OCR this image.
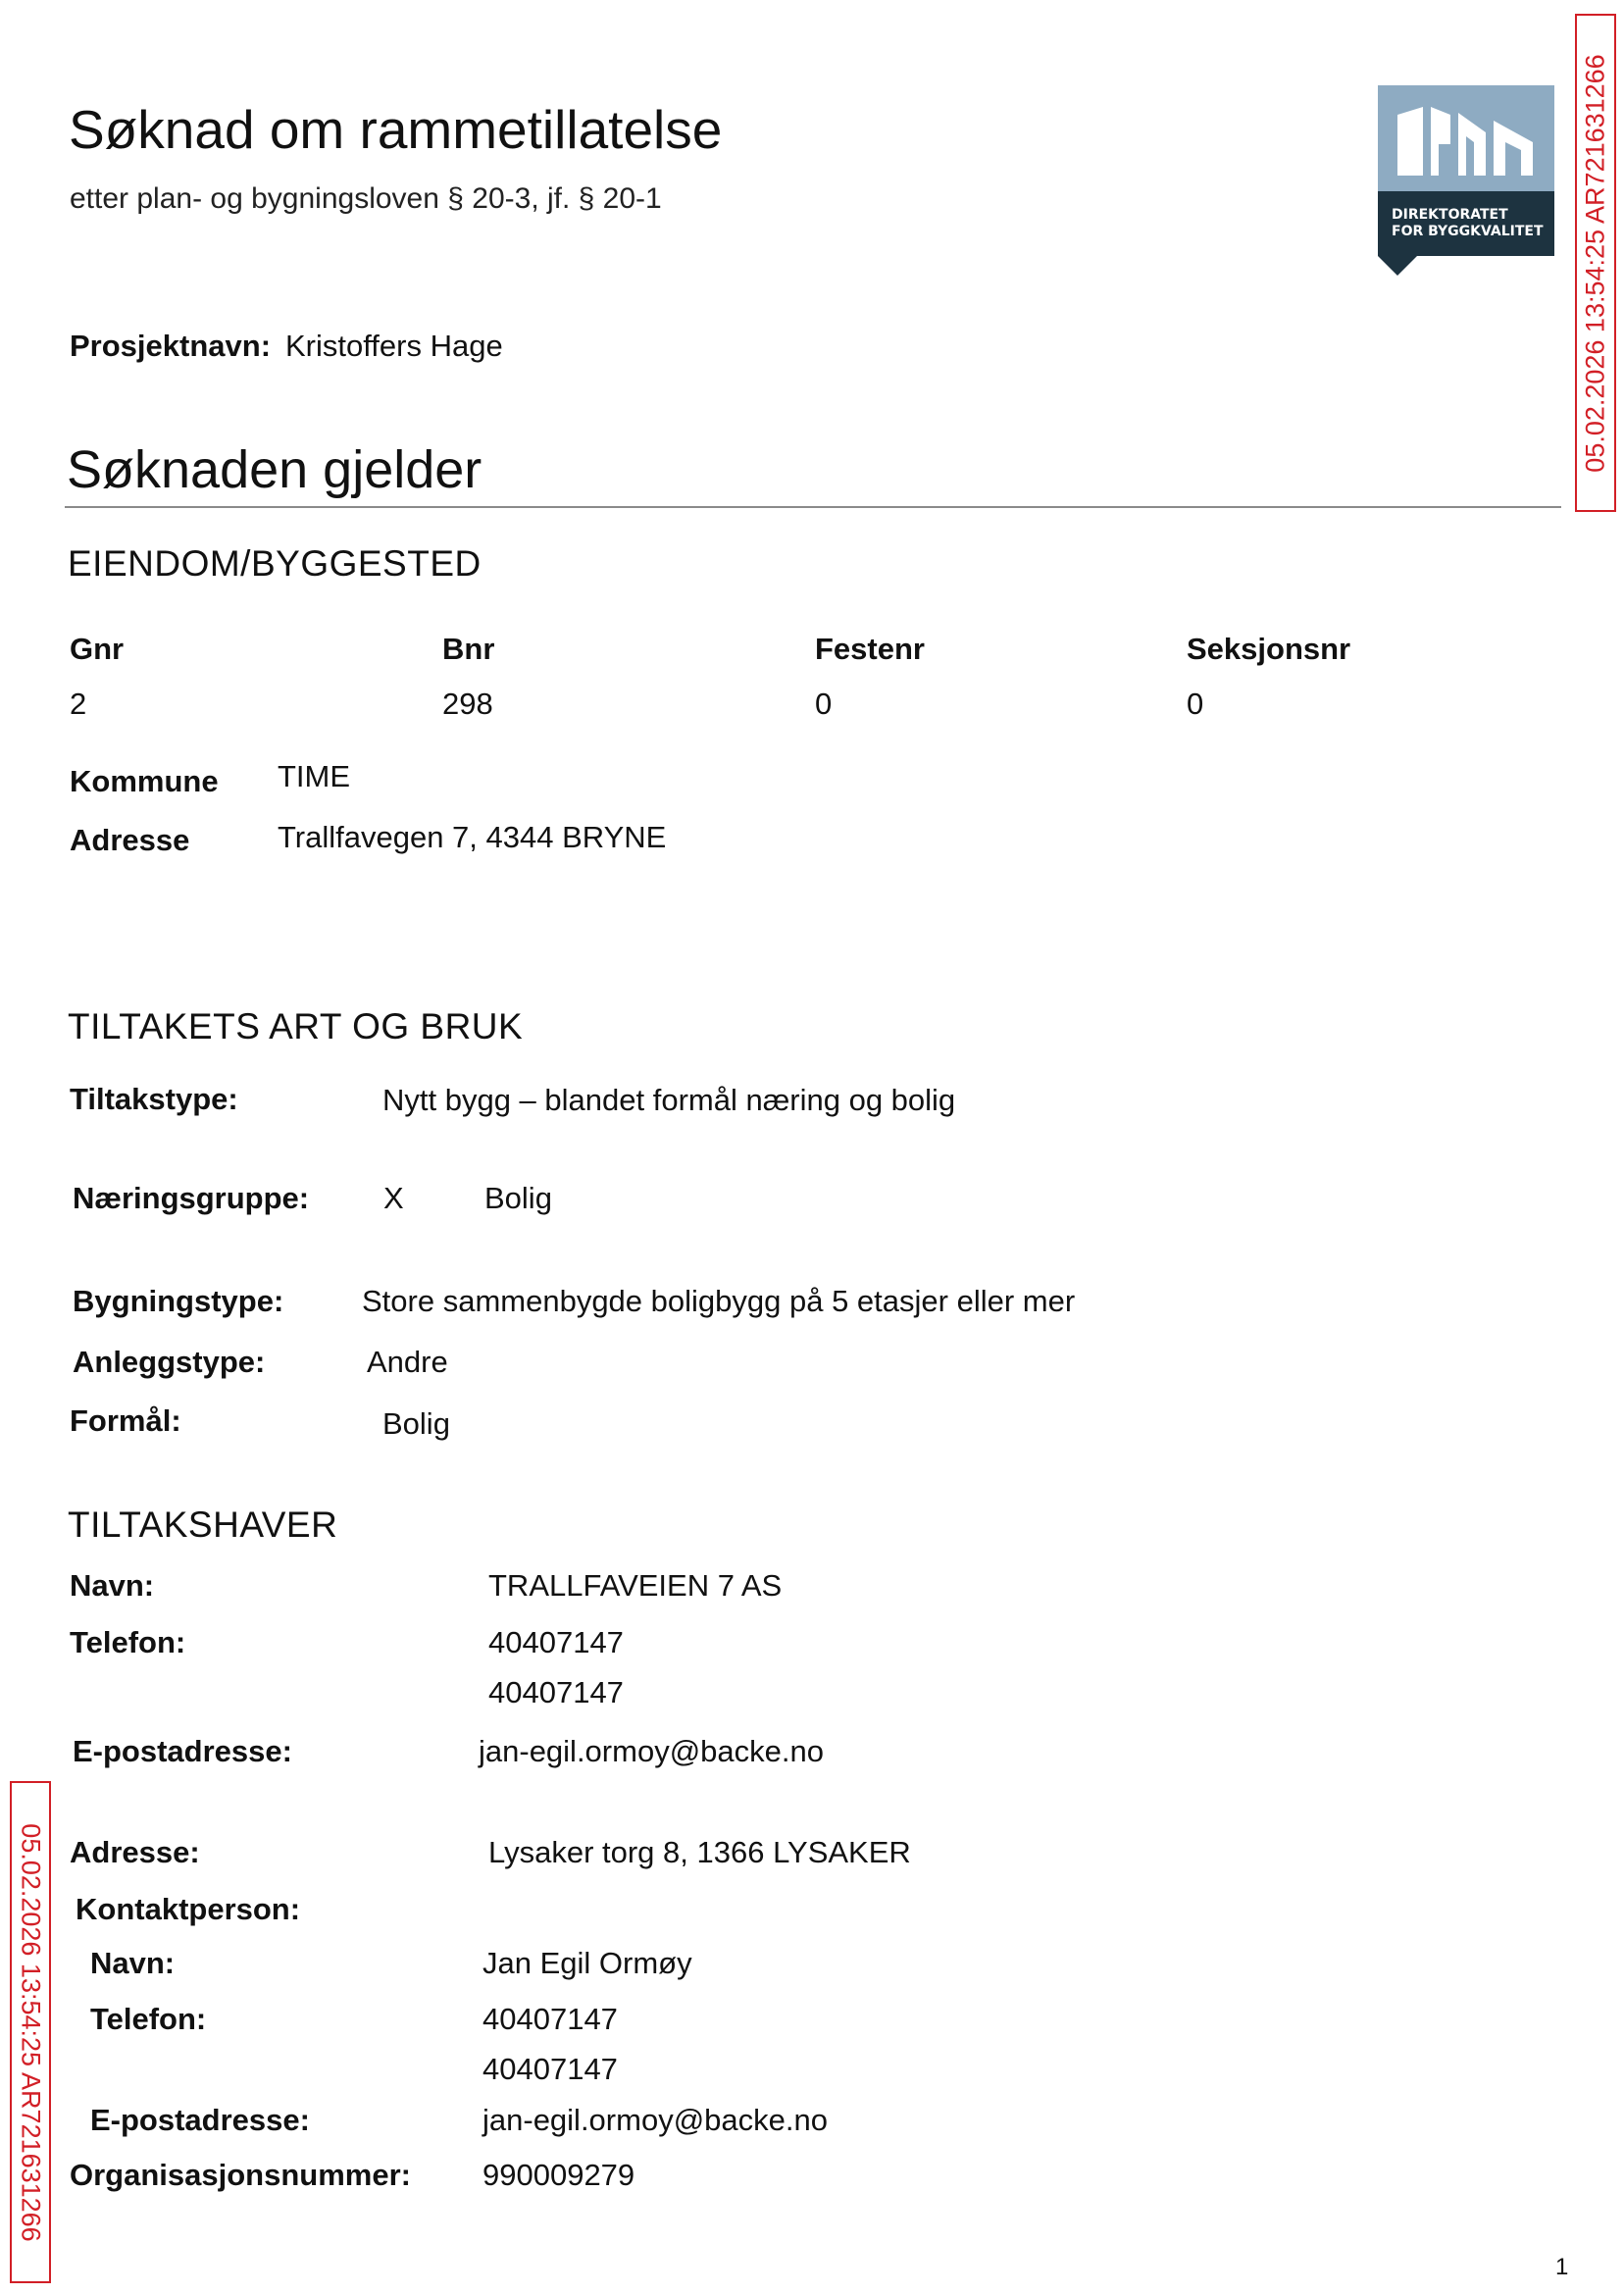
Søknad om rammetillatelse
etter plan- og bygningsloven § 20-3, jf. § 20-1	DIREKTORATET
FOR BYGGKVALITET 05.02.2026 13:54:25 AR721631266
05.02.2026 13:54:25 AR721631266
Prosjektnavn: Kristoffers Hage
Søknaden gjelder
EIENDOM/BYGGESTED
Gnr	Bnr	Festenr	Seksjonsnr
2	298	0	0
Kommune TIME
Adresse	Trallfavegen 7, 4344 BRYNE
TILTAKETS ART OG BRUK
Tiltakstype:	Nytt bygg – blandet formål næring og bolig
Næringsgruppe: X	Bolig
Bygningstype:	Store sammenbygde boligbygg på 5 etasjer eller mer
Anleggstype:	Andre
Formål:	Bolig
TILTAKSHAVER
Navn:	TRALLFAVEIEN 7 AS
Telefon:	40407147
40407147
E-postadresse:	jan-egil.ormoy@backe.no
Adresse:	Lysaker torg 8, 1366 LYSAKER
Kontaktperson:
Navn:	Jan Egil Ormøy
Telefon:	40407147
40407147
E-postadresse:	jan-egil.ormoy@backe.no
Organisasjonsnummer: 990009279
1
